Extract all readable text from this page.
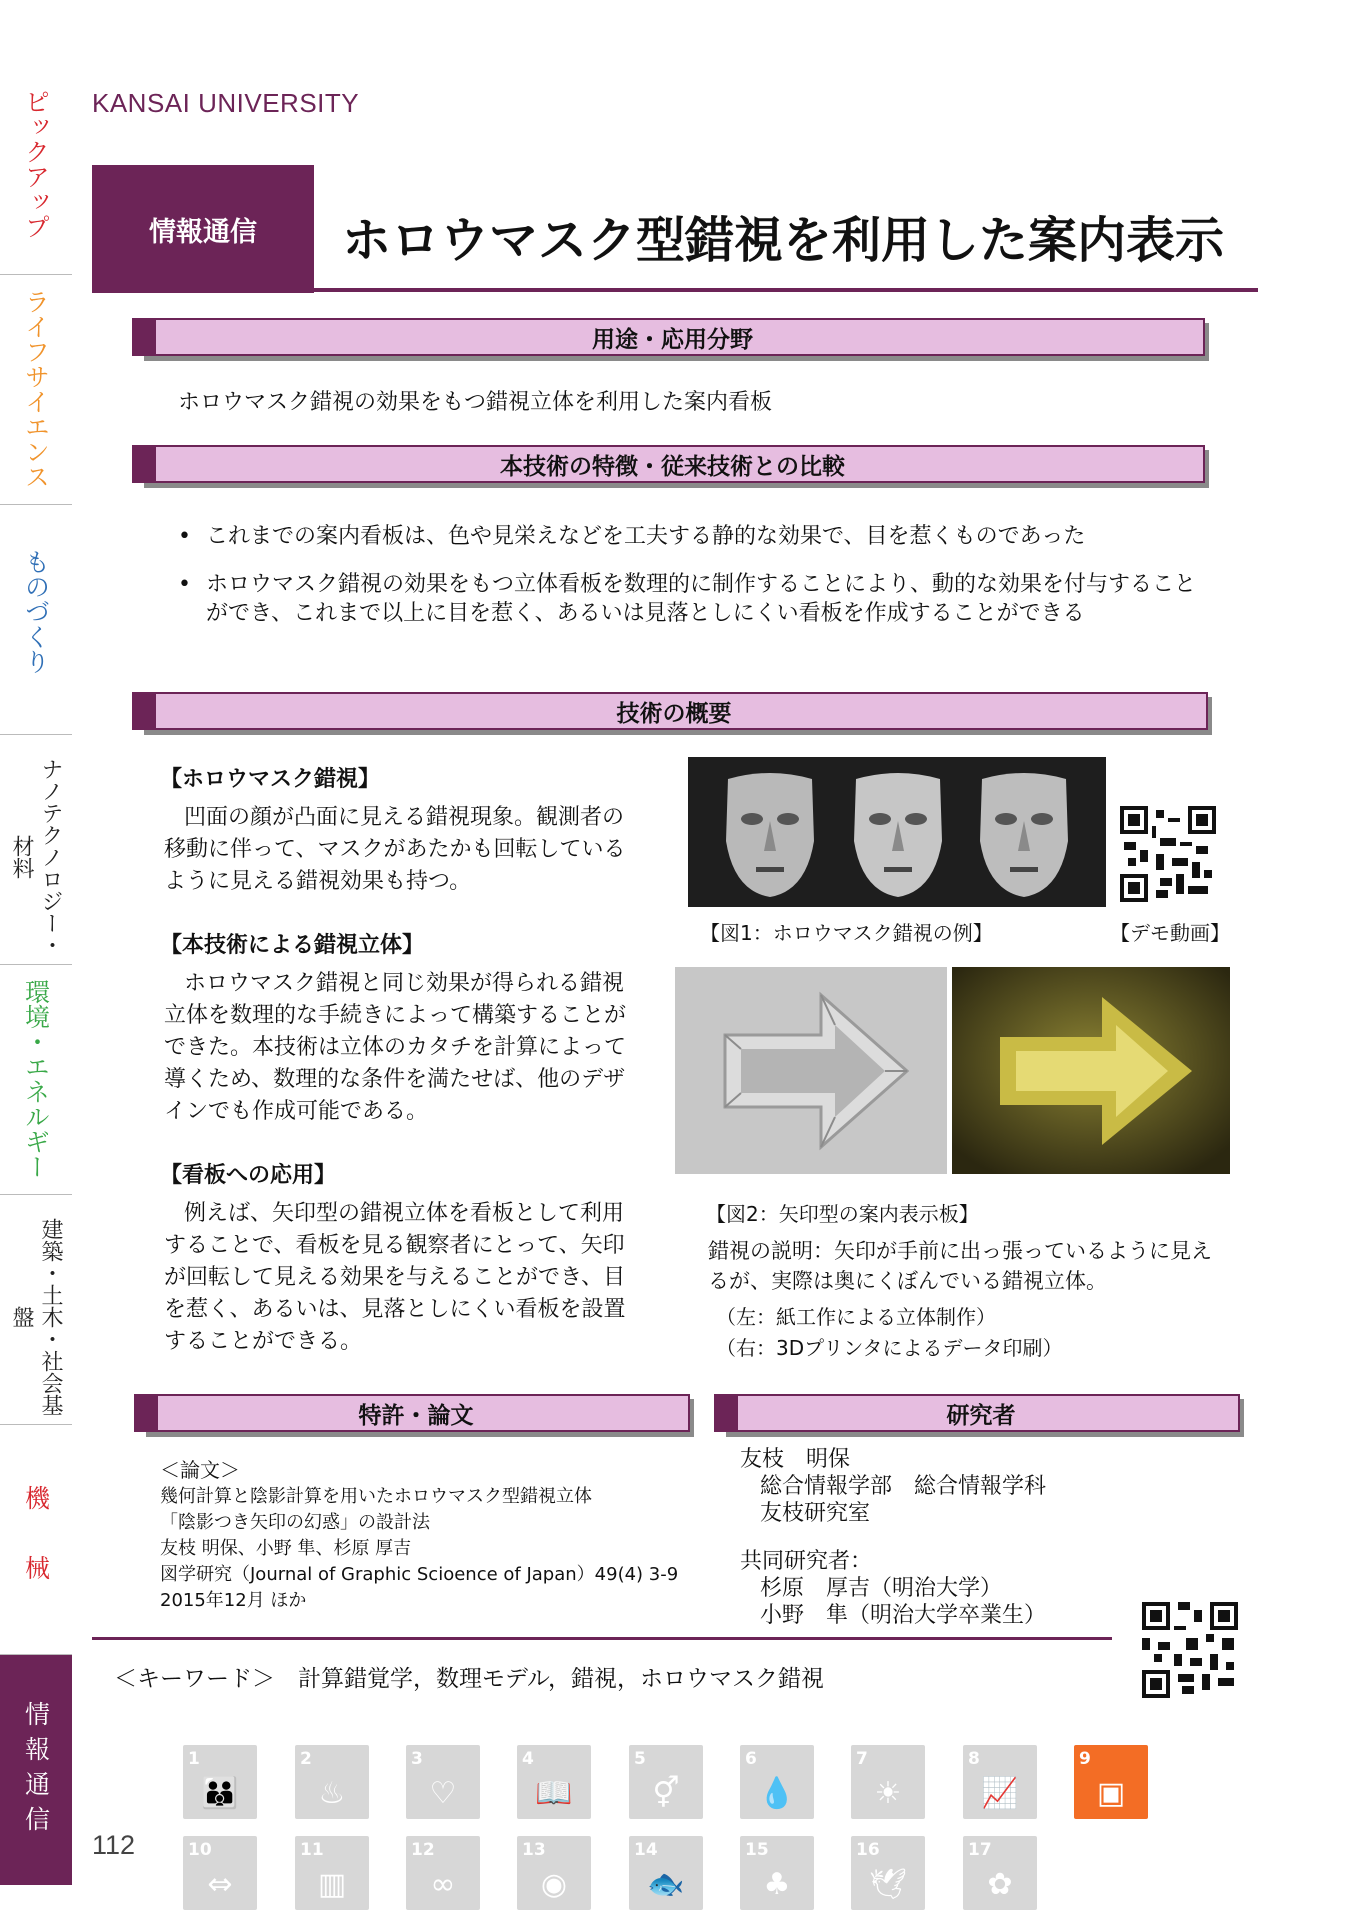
ピックアップ
ライフサイエンス
ものづくり
ナノテクノロジー・材料
環境・エネルギー
建築・土木・社会基盤
機械
情報通信
KANSAI UNIVERSITY
情報通信	ホロウマスク型錯視を利用した案内表示
用途・応用分野
ホロウマスク錯視の効果をもつ錯視立体を利用した案内看板
本技術の特徴・従来技術との比較
• これまでの案内看板は、色や見栄えなどを工夫する静的な効果で、目を惹くものであった
• ホロウマスク錯視の効果をもつ立体看板を数理的に制作することにより、動的な効果を付与することができ、これまで以上に目を惹く、あるいは見落としにくい看板を作成することができる
技術の概要
【ホロウマスク錯視】
凹面の顔が凸面に見える錯視現象。観測者の移動に伴って、マスクがあたかも回転しているように見える錯視効果も持つ。
【本技術による錯視立体】
ホロウマスク錯視と同じ効果が得られる錯視立体を数理的な手続きによって構築することができた。本技術は立体のカタチを計算によって導くため、数理的な条件を満たせば、他のデザインでも作成可能である。
【看板への応用】
例えば、矢印型の錯視立体を看板として利用することで、看板を見る観察者にとって、矢印が回転して見える効果を与えることができ、目を惹く、あるいは、見落としにくい看板を設置することができる。
【図1：ホロウマスク錯視の例】	【デモ動画】
【図2：矢印型の案内表示板】
錯視の説明：矢印が手前に出っ張っているように見えるが、実際は奥にくぼんでいる錯視立体。
（左：紙工作による立体制作）
（右：3Dプリンタによるデータ印刷）
特許・論文
＜論文＞
幾何計算と陰影計算を用いたホロウマスク型錯視立体
「陰影つき矢印の幻惑」の設計法
友枝 明保、小野 隼、杉原 厚吉
図学研究（Journal of Graphic Scioence of Japan）49(4) 3-9
2015年12月 ほか
研究者
友枝　明保
総合情報学部　総合情報学科
友枝研究室
共同研究者：
杉原　厚吉（明治大学）
小野　隼（明治大学卒業生）
＜キーワード＞　計算錯覚学，数理モデル，錯視，ホロウマスク錯視
112
1
👪
2
♨
3
♡
4
📖
5
⚥
6
💧
7
☀
8
📈
9
▣
10
⇔
11
▥
12
∞
13
◉
14
🐟
15
♣
16
🕊
17
✿
